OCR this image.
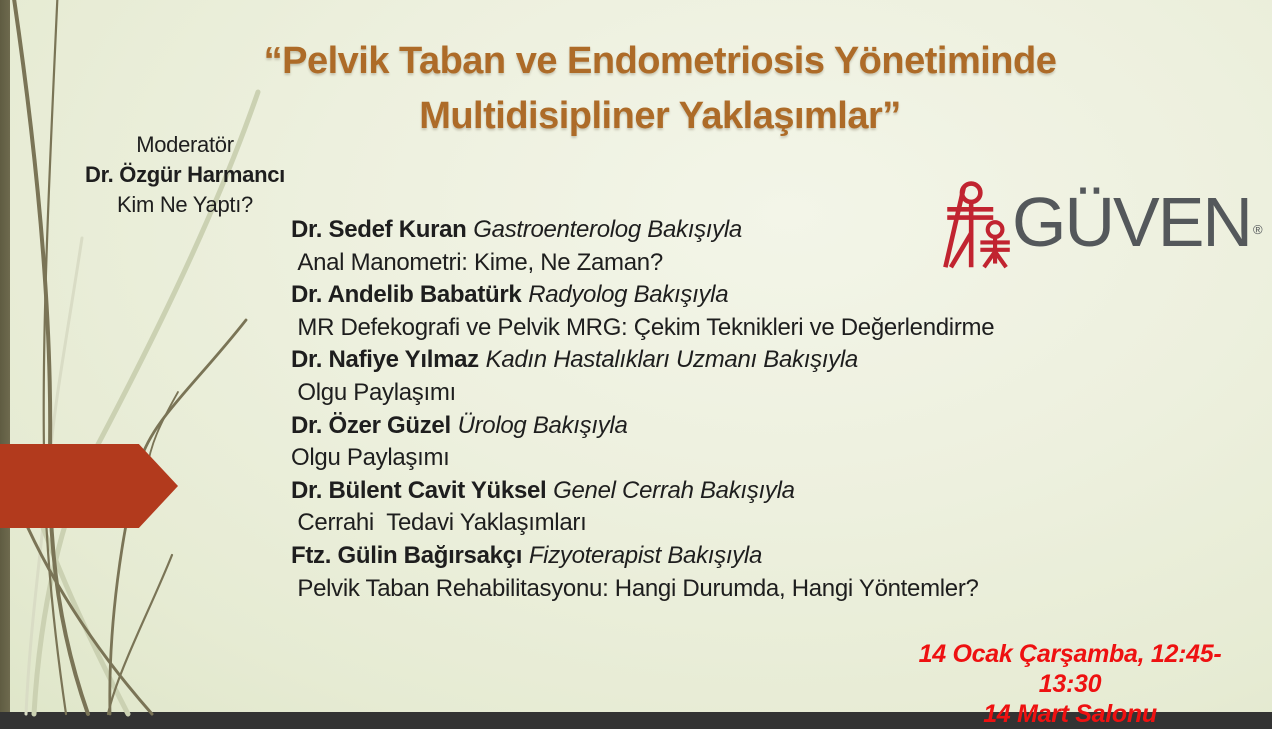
“Pelvik Taban ve Endometriosis Yönetiminde
Multidisipliner Yaklaşımlar”
Moderatör
Dr. Özgür Harmancı
Kim Ne Yaptı?	GÜVEN ®
Dr. Sedef Kuran Gastroenterolog Bakışıyla
Anal Manometri: Kime, Ne Zaman?
Dr. Andelib Babatürk Radyolog Bakışıyla
MR Defekografi ve Pelvik MRG: Çekim Teknikleri ve Değerlendirme
Dr. Nafiye Yılmaz Kadın Hastalıkları Uzmanı Bakışıyla
Olgu Paylaşımı
Dr. Özer Güzel Ürolog Bakışıyla
Olgu Paylaşımı
Dr. Bülent Cavit Yüksel Genel Cerrah Bakışıyla
Cerrahi  Tedavi Yaklaşımları
Ftz. Gülin Bağırsakçı Fizyoterapist Bakışıyla
Pelvik Taban Rehabilitasyonu: Hangi Durumda, Hangi Yöntemler?
14 Ocak Çarşamba, 12:45-13:30
14 Mart Salonu
